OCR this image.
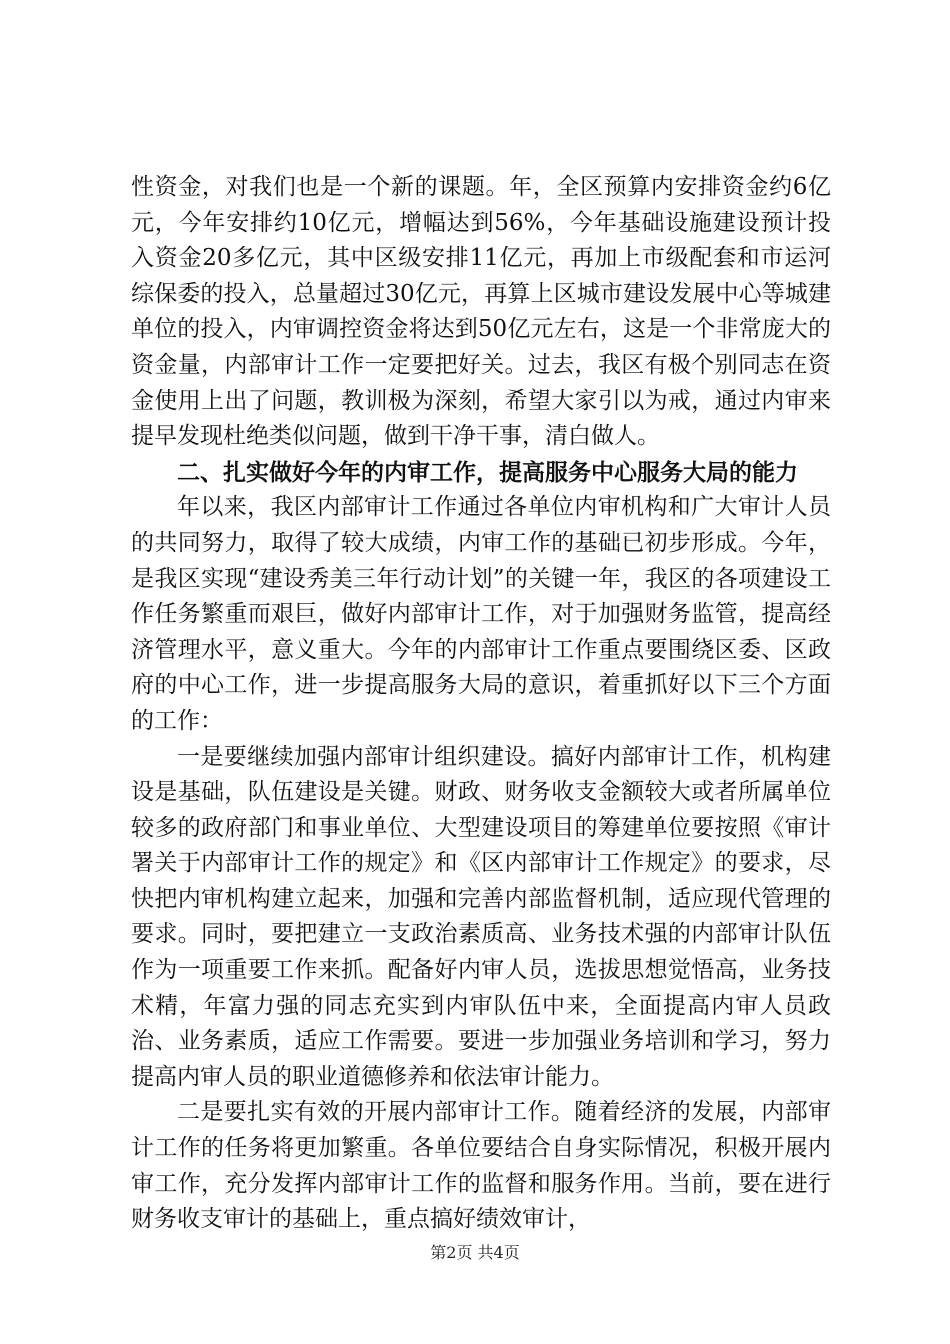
性资金，对我们也是一个新的课题。年，全区预算内安排资金约6亿元，今年安排约10亿元，增幅达到56%，今年基础设施建设预计投入资金20多亿元，其中区级安排11亿元，再加上市级配套和市运河综保委的投入，总量超过30亿元，再算上区城市建设发展中心等城建单位的投入，内审调控资金将达到50亿元左右，这是一个非常庞大的资金量，内部审计工作一定要把好关。过去，我区有极个别同志在资金使用上出了问题，教训极为深刻，希望大家引以为戒，通过内审来提早发现杜绝类似问题，做到干净干事，清白做人。

二、扎实做好今年的内审工作，提高服务中心服务大局的能力

年以来，我区内部审计工作通过各单位内审机构和广大审计人员的共同努力，取得了较大成绩，内审工作的基础已初步形成。今年，是我区实现“建设秀美三年行动计划”的关键一年，我区的各项建设工作任务繁重而艰巨，做好内部审计工作，对于加强财务监管，提高经济管理水平，意义重大。今年的内部审计工作重点要围绕区委、区政府的中心工作，进一步提高服务大局的意识，着重抓好以下三个方面的工作：

一是要继续加强内部审计组织建设。搞好内部审计工作，机构建设是基础，队伍建设是关键。财政、财务收支金额较大或者所属单位较多的政府部门和事业单位、大型建设项目的筹建单位要按照《审计署关于内部审计工作的规定》和《区内部审计工作规定》的要求，尽快把内审机构建立起来，加强和完善内部监督机制，适应现代管理的要求。同时，要把建立一支政治素质高、业务技术强的内部审计队伍作为一项重要工作来抓。配备好内审人员，选拔思想觉悟高，业务技术精，年富力强的同志充实到内审队伍中来，全面提高内审人员政治、业务素质，适应工作需要。要进一步加强业务培训和学习，努力提高内审人员的职业道德修养和依法审计能力。

二是要扎实有效的开展内部审计工作。随着经济的发展，内部审计工作的任务将更加繁重。各单位要结合自身实际情况，积极开展内审工作，充分发挥内部审计工作的监督和服务作用。当前，要在进行财务收支审计的基础上，重点搞好绩效审计，

第2页 共4页
